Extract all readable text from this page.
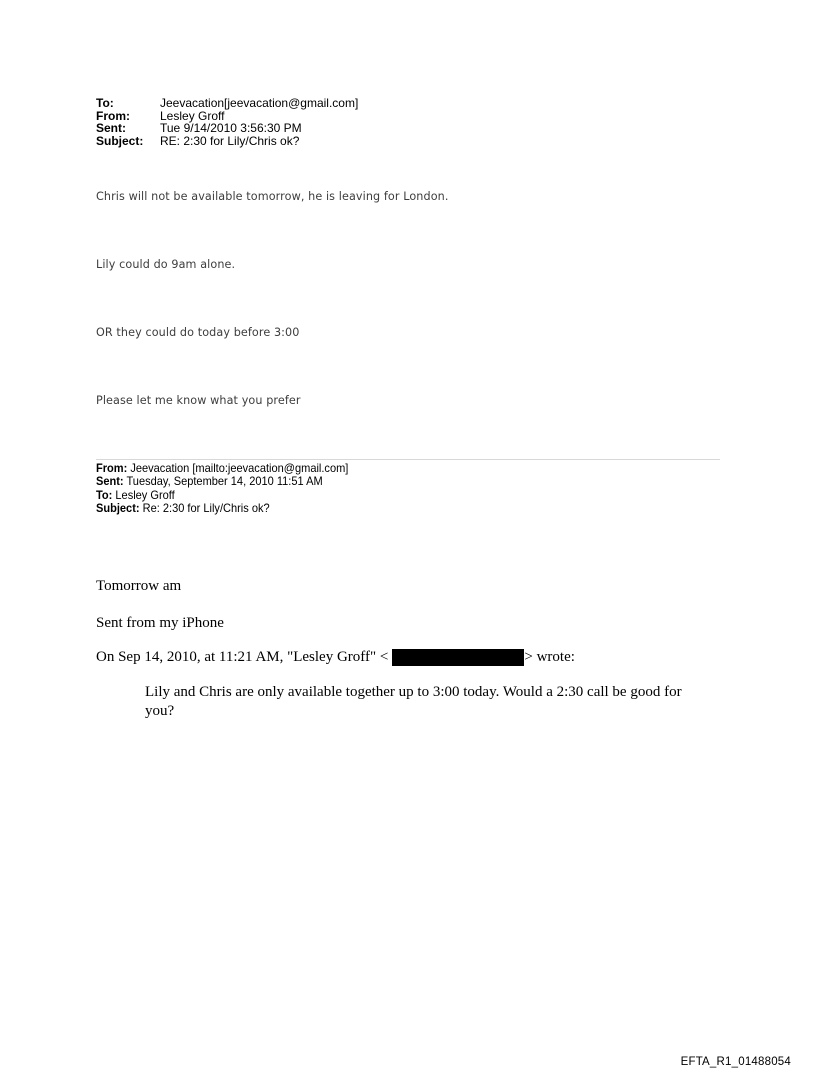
To:	Jeevacation[jeevacation@gmail.com]
From:	Lesley Groff
Sent:	Tue 9/14/2010 3:56:30 PM
Subject:	RE: 2:30 for Lily/Chris ok?
Chris will not be available tomorrow, he is leaving for London.
Lily could do 9am alone.
OR they could do today before 3:00
Please let me know what you prefer
From: Jeevacation [mailto:jeevacation@gmail.com]
Sent: Tuesday, September 14, 2010 11:51 AM
To: Lesley Groff
Subject: Re: 2:30 for Lily/Chris ok?
Tomorrow am
Sent from my iPhone
On Sep 14, 2010, at 11:21 AM, "Lesley Groff" <	> wrote:
Lily and Chris are only available together up to 3:00 today. Would a 2:30 call be good for you?
EFTA_R1_01488054
